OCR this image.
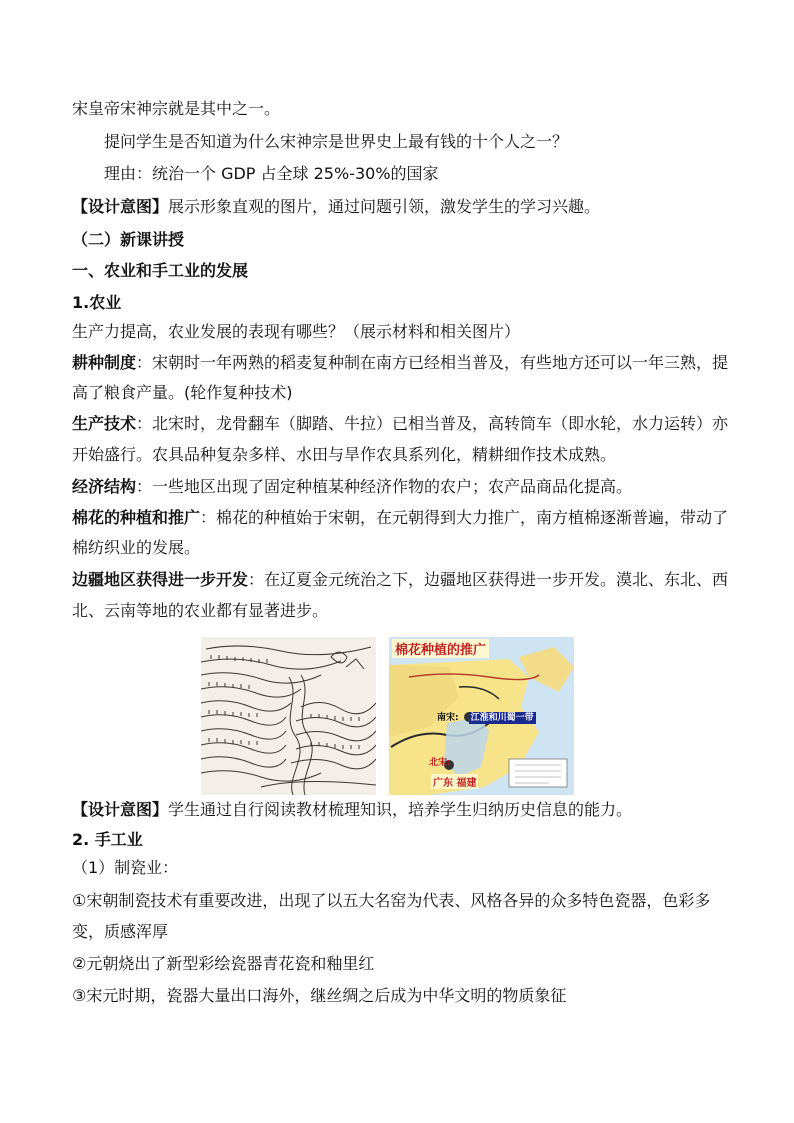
宋皇帝宋神宗就是其中之一。
提问学生是否知道为什么宋神宗是世界史上最有钱的十个人之一？
理由：统治一个 GDP 占全球 25%-30%的国家
【设计意图】展示形象直观的图片，通过问题引领，激发学生的学习兴趣。
（二）新课讲授
一、农业和手工业的发展
1.农业
生产力提高，农业发展的表现有哪些？（展示材料和相关图片）
耕种制度：宋朝时一年两熟的稻麦复种制在南方已经相当普及，有些地方还可以一年三熟，提
高了粮食产量。(轮作复种技术)
生产技术：北宋时，龙骨翻车（脚踏、牛拉）已相当普及，高转筒车（即水轮，水力运转）亦
开始盛行。农具品种复杂多样、水田与旱作农具系列化，精耕细作技术成熟。
经济结构：一些地区出现了固定种植某种经济作物的农户；农产品商品化提高。
棉花的种植和推广：棉花的种植始于宋朝，在元朝得到大力推广，南方植棉逐渐普遍，带动了
棉纺织业的发展。
边疆地区获得进一步开发：在辽夏金元统治之下，边疆地区获得进一步开发。漠北、东北、西
北、云南等地的农业都有显著进步。
棉花种植的推广
南宋: 江淮和川蜀一带
北宋:
广东 福建
【设计意图】学生通过自行阅读教材梳理知识，培养学生归纳历史信息的能力。
2. 手工业
（1）制瓷业：
①宋朝制瓷技术有重要改进，出现了以五大名窑为代表、风格各异的众多特色瓷器，色彩多
变，质感浑厚
②元朝烧出了新型彩绘瓷器青花瓷和釉里红
③宋元时期，瓷器大量出口海外，继丝绸之后成为中华文明的物质象征
